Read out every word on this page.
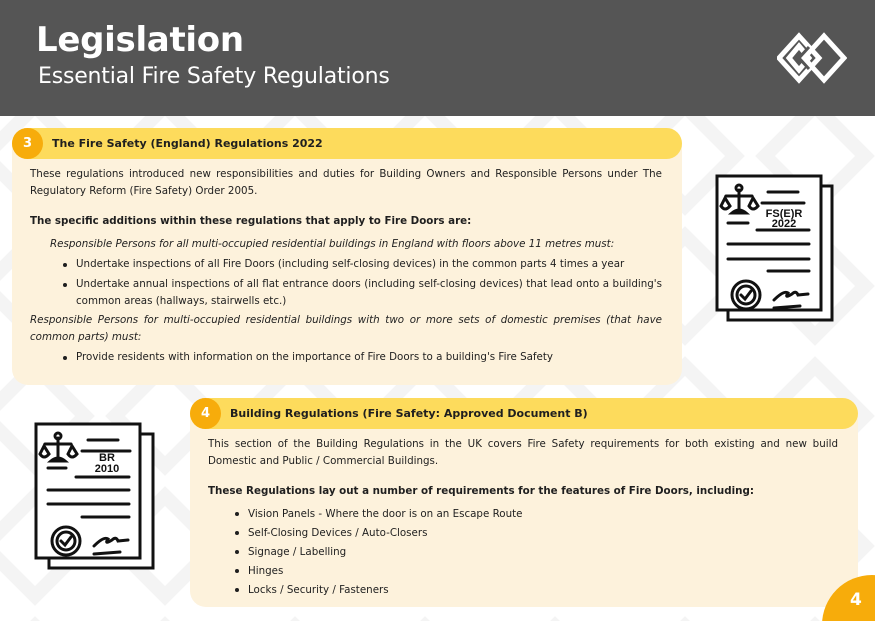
Legislation
Essential Fire Safety Regulations
3	The Fire Safety (England) Regulations 2022

These regulations introduced new responsibilities and duties for Building Owners and Responsible Persons under The Regulatory Reform (Fire Safety) Order 2005.

The specific additions within these regulations that apply to Fire Doors are:

Responsible Persons for all multi-occupied residential buildings in England with floors above 11 metres must:

Undertake inspections of all Fire Doors (including self-closing devices) in the common parts 4 times a year
Undertake annual inspections of all flat entrance doors (including self-closing devices) that lead onto a building's common areas (hallways, stairwells etc.)

Responsible Persons for multi-occupied residential buildings with two or more sets of domestic premises (that have common parts) must:

Provide residents with information on the importance of Fire Doors to a building's Fire Safety
FS(E)R
2022
BR
2010
4	Building Regulations (Fire Safety: Approved Document B)

This section of the Building Regulations in the UK covers Fire Safety requirements for both existing and new build Domestic and Public / Commercial Buildings.

These Regulations lay out a number of requirements for the features of Fire Doors, including:

Vision Panels - Where the door is on an Escape Route
Self-Closing Devices / Auto-Closers
Signage / Labelling
Hinges
Locks / Security / Fasteners	4
